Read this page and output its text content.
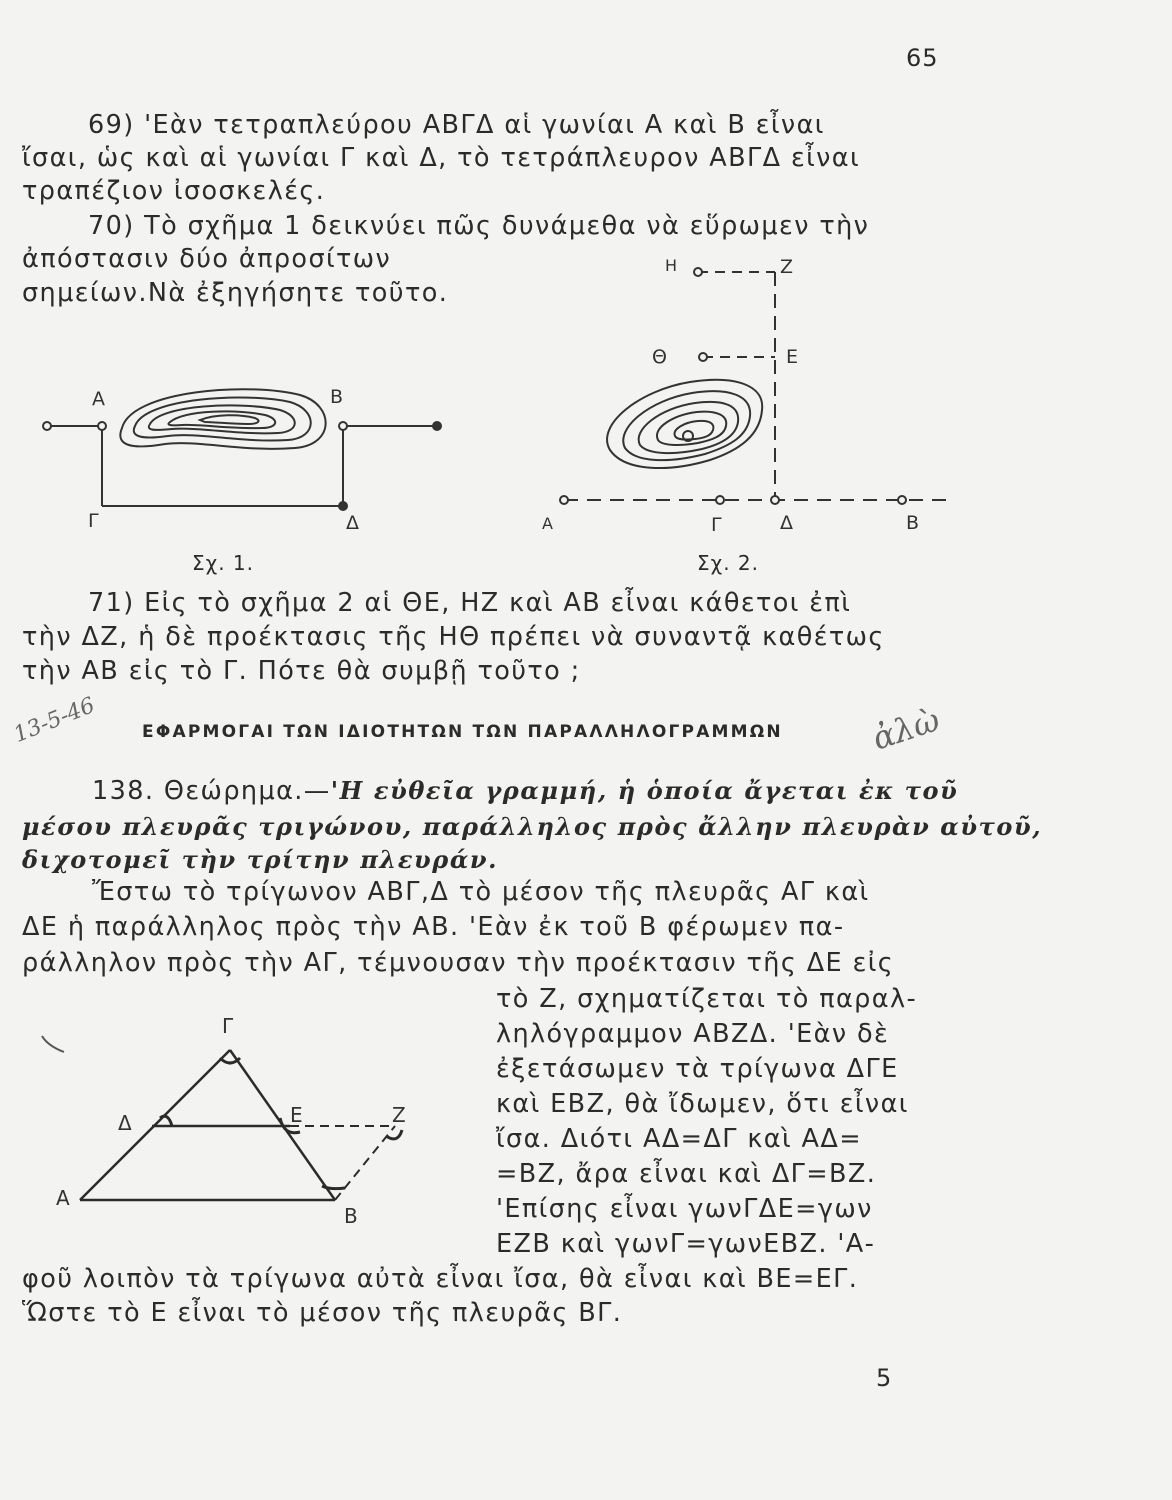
65
69) 'Εὰν τετραπλεύρου ΑΒΓΔ αἱ γωνίαι Α καὶ Β εἶναι
ἴσαι, ὡς καὶ αἱ γωνίαι Γ καὶ Δ, τὸ τετράπλευρον ΑΒΓΔ εἶναι
τραπέζιον ἰσοσκελές.
70) Τὸ σχῆμα 1 δεικνύει πῶς δυνάμεθα νὰ εὕρωμεν τὴν
ἀπόστασιν δύο ἀπροσίτων
σημείων.Νὰ ἐξηγήσητε τοῦτο.
Α	Β
Γ	Δ
Σχ. 1.
Η	Ζ
Θ	Ε
Α	Γ	Δ	Β
Σχ. 2.
71) Εἰς τὸ σχῆμα 2 αἱ ΘΕ, ΗΖ καὶ ΑΒ εἶναι κάθετοι ἐπὶ
τὴν ΔΖ, ἡ δὲ προέκτασις τῆς ΗΘ πρέπει νὰ συναντᾷ καθέτως
τὴν ΑΒ εἰς τὸ Γ. Πότε θὰ συμβῇ τοῦτο ;
13-5-46	ΕΦΑΡΜΟΓΑΙ ΤΩΝ ΙΔΙΟΤΗΤΩΝ ΤΩΝ ΠΑΡΑΛΛΗΛΟΓΡΑΜΜΩΝ	ἀλὼ
138. Θεώρημα.—'Η εὐθεῖα γραμμή, ἡ ὁποία ἄγεται ἐκ τοῦ
μέσου πλευρᾶς τριγώνου, παράλληλος πρὸς ἄλλην πλευρὰν αὐτοῦ,
διχοτομεῖ τὴν τρίτην πλευράν.
Ἔστω τὸ τρίγωνον ΑΒΓ,Δ τὸ μέσον τῆς πλευρᾶς ΑΓ καὶ
ΔΕ ἡ παράλληλος πρὸς τὴν ΑΒ. 'Εὰν ἐκ τοῦ Β φέρωμεν πα-
ράλληλον πρὸς τὴν ΑΓ, τέμνουσαν τὴν προέκτασιν τῆς ΔΕ εἰς
τὸ Ζ, σχηματίζεται τὸ παραλ-
ληλόγραμμον ΑΒΖΔ. 'Εὰν δὲ
ἐξετάσωμεν τὰ τρίγωνα ΔΓΕ
καὶ ΕΒΖ, θὰ ἴδωμεν, ὅτι εἶναι
ἴσα. Διότι ΑΔ=ΔΓ καὶ ΑΔ=
=ΒΖ, ἄρα εἶναι καὶ ΔΓ=ΒΖ.
'Επίσης εἶναι γωνΓΔΕ=γων
ΕΖΒ καὶ γωνΓ=γωνΕΒΖ. 'Α-
Γ
Δ	Ε	Ζ
Α
Β
φοῦ λοιπὸν τὰ τρίγωνα αὐτὰ εἶναι ἴσα, θὰ εἶναι καὶ ΒΕ=ΕΓ.
Ὥστε τὸ Ε εἶναι τὸ μέσον τῆς πλευρᾶς ΒΓ.
5
